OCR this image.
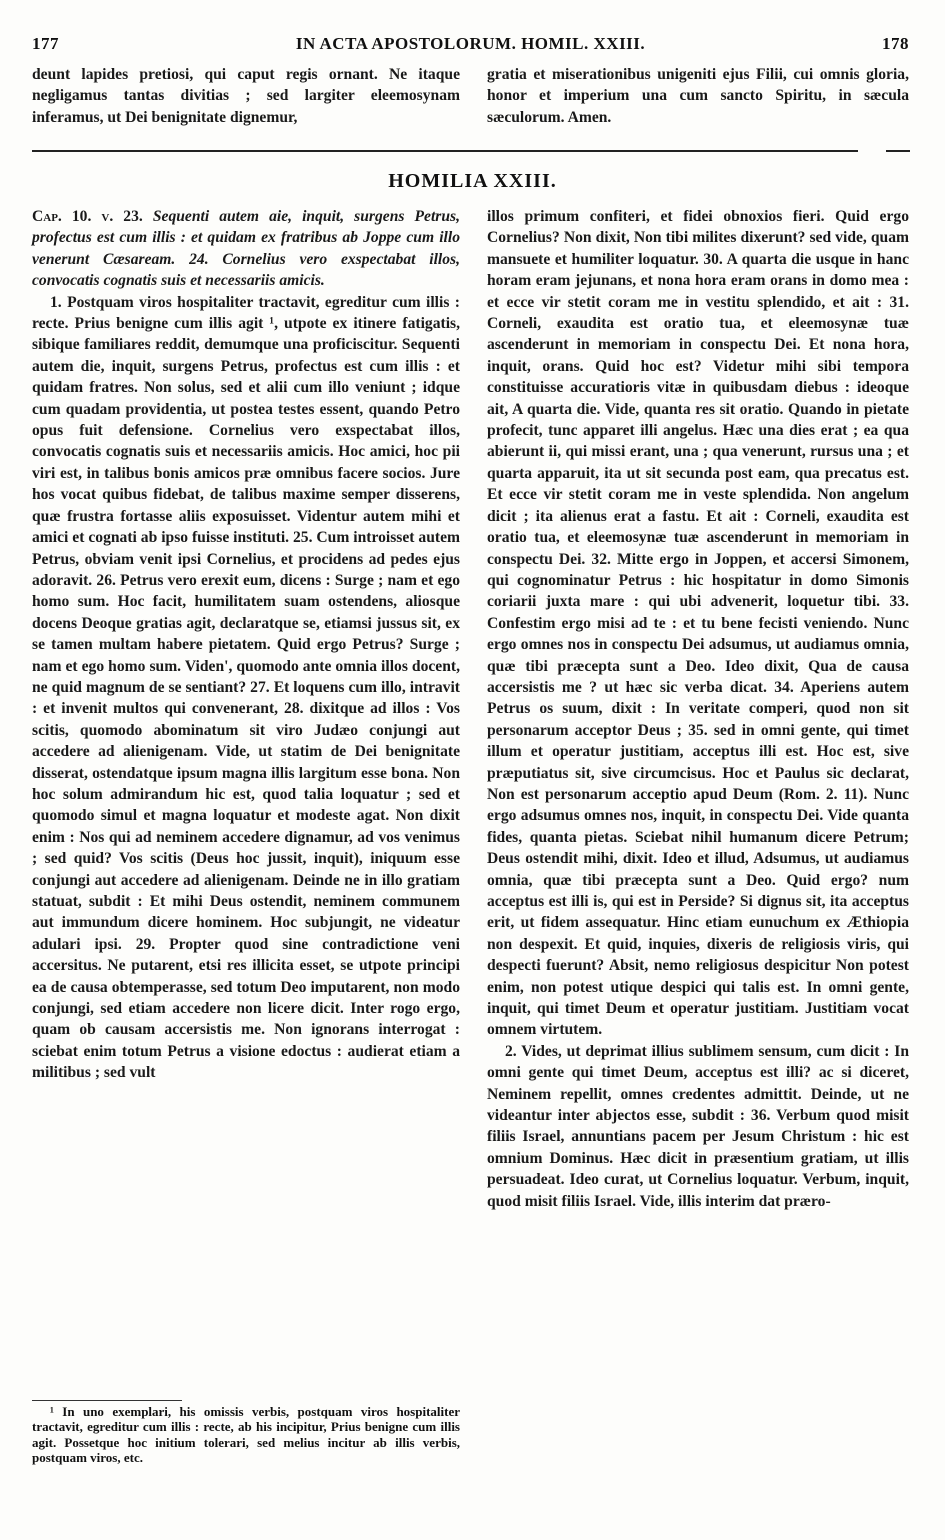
177	IN ACTA APOSTOLORUM. HOMIL. XXIII.	178

deunt lapides pretiosi, qui caput regis ornant. Ne itaque negligamus tantas divitias ; sed largiter eleemosynam inferamus, ut Dei benignitate dignemur,

gratia et miserationibus unigeniti ejus Filii, cui omnis gloria, honor et imperium una cum sancto Spiritu, in sæcula sæculorum. Amen.

HOMILIA XXIII.

Cap. 10. v. 23. Sequenti autem aie, inquit, surgens Petrus, profectus est cum illis : et quidam ex fratribus ab Joppe cum illo venerunt Cæsaream. 24. Cornelius vero exspectabat illos, convocatis cognatis suis et necessariis amicis.

1. Postquam viros hospitaliter tractavit, egreditur cum illis : recte. Prius benigne cum illis agit ¹, utpote ex itinere fatigatis, sibique familiares reddit, demumque una proficiscitur. Sequenti autem die, inquit, surgens Petrus, profectus est cum illis : et quidam fratres. Non solus, sed et alii cum illo veniunt ; idque cum quadam providentia, ut postea testes essent, quando Petro opus fuit defensione. Cornelius vero exspectabat illos, convocatis cognatis suis et necessariis amicis. Hoc amici, hoc pii viri est, in talibus bonis amicos præ omnibus facere socios. Jure hos vocat quibus fidebat, de talibus maxime semper disserens, quæ frustra fortasse aliis exposuisset. Videntur autem mihi et amici et cognati ab ipso fuisse instituti. 25. Cum introisset autem Petrus, obviam venit ipsi Cornelius, et procidens ad pedes ejus adoravit. 26. Petrus vero erexit eum, dicens : Surge ; nam et ego homo sum. Hoc facit, humilitatem suam ostendens, aliosque docens Deoque gratias agit, declaratque se, etiamsi jussus sit, ex se tamen multam habere pietatem. Quid ergo Petrus? Surge ; nam et ego homo sum. Viden', quomodo ante omnia illos docent, ne quid magnum de se sentiant? 27. Et loquens cum illo, intravit : et invenit multos qui convenerant, 28. dixitque ad illos : Vos scitis, quomodo abominatum sit viro Judæo conjungi aut accedere ad alienigenam. Vide, ut statim de Dei benignitate disserat, ostendatque ipsum magna illis largitum esse bona. Non hoc solum admirandum hic est, quod talia loquatur ; sed et quomodo simul et magna loquatur et modeste agat. Non dixit enim : Nos qui ad neminem accedere dignamur, ad vos venimus ; sed quid? Vos scitis (Deus hoc jussit, inquit), iniquum esse conjungi aut accedere ad alienigenam. Deinde ne in illo gratiam statuat, subdit : Et mihi Deus ostendit, neminem communem aut immundum dicere hominem. Hoc subjungit, ne videatur adulari ipsi. 29. Propter quod sine contradictione veni accersitus. Ne putarent, etsi res illicita esset, se utpote principi ea de causa obtemperasse, sed totum Deo imputarent, non modo conjungi, sed etiam accedere non licere dicit. Inter rogo ergo, quam ob causam accersistis me. Non ignorans interrogat : sciebat enim totum Petrus a visione edoctus : audierat etiam a militibus ; sed vult

illos primum confiteri, et fidei obnoxios fieri. Quid ergo Cornelius? Non dixit, Non tibi milites dixerunt? sed vide, quam mansuete et humiliter loquatur. 30. A quarta die usque in hanc horam eram jejunans, et nona hora eram orans in domo mea : et ecce vir stetit coram me in vestitu splendido, et ait : 31. Corneli, exaudita est oratio tua, et eleemosynæ tuæ ascenderunt in memoriam in conspectu Dei. Et nona hora, inquit, orans. Quid hoc est? Videtur mihi sibi tempora constituisse accuratioris vitæ in quibusdam diebus : ideoque ait, A quarta die. Vide, quanta res sit oratio. Quando in pietate profecit, tunc apparet illi angelus. Hæc una dies erat ; ea qua abierunt ii, qui missi erant, una ; qua venerunt, rursus una ; et quarta apparuit, ita ut sit secunda post eam, qua precatus est. Et ecce vir stetit coram me in veste splendida. Non angelum dicit ; ita alienus erat a fastu. Et ait : Corneli, exaudita est oratio tua, et eleemosynæ tuæ ascenderunt in memoriam in conspectu Dei. 32. Mitte ergo in Joppen, et accersi Simonem, qui cognominatur Petrus : hic hospitatur in domo Simonis coriarii juxta mare : qui ubi advenerit, loquetur tibi. 33. Confestim ergo misi ad te : et tu bene fecisti veniendo. Nunc ergo omnes nos in conspectu Dei adsumus, ut audiamus omnia, quæ tibi præcepta sunt a Deo. Ideo dixit, Qua de causa accersistis me ? ut hæc sic verba dicat. 34. Aperiens autem Petrus os suum, dixit : In veritate comperi, quod non sit personarum acceptor Deus ; 35. sed in omni gente, qui timet illum et operatur justitiam, acceptus illi est. Hoc est, sive præputiatus sit, sive circumcisus. Hoc et Paulus sic declarat, Non est personarum acceptio apud Deum (Rom. 2. 11). Nunc ergo adsumus omnes nos, inquit, in conspectu Dei. Vide quanta fides, quanta pietas. Sciebat nihil humanum dicere Petrum; Deus ostendit mihi, dixit. Ideo et illud, Adsumus, ut audiamus omnia, quæ tibi præcepta sunt a Deo. Quid ergo? num acceptus est illi is, qui est in Perside? Si dignus sit, ita acceptus erit, ut fidem assequatur. Hinc etiam eunuchum ex Æthiopia non despexit. Et quid, inquies, dixeris de religiosis viris, qui despecti fuerunt? Absit, nemo religiosus despicitur Non potest enim, non potest utique despici qui talis est. In omni gente, inquit, qui timet Deum et operatur justitiam. Justitiam vocat omnem virtutem.

2. Vides, ut deprimat illius sublimem sensum, cum dicit : In omni gente qui timet Deum, acceptus est illi? ac si diceret, Neminem repellit, omnes credentes admittit. Deinde, ut ne videantur inter abjectos esse, subdit : 36. Verbum quod misit filiis Israel, annuntians pacem per Jesum Christum : hic est omnium Dominus. Hæc dicit in præsentium gratiam, ut illis persuadeat. Ideo curat, ut Cornelius loquatur. Verbum, inquit, quod misit filiis Israel. Vide, illis interim dat præro-

¹ In uno exemplari, his omissis verbis, postquam viros hospitaliter tractavit, egreditur cum illis : recte, ab his incipitur, Prius benigne cum illis agit. Possetque hoc initium tolerari, sed melius incitur ab illis verbis, postquam viros, etc.
